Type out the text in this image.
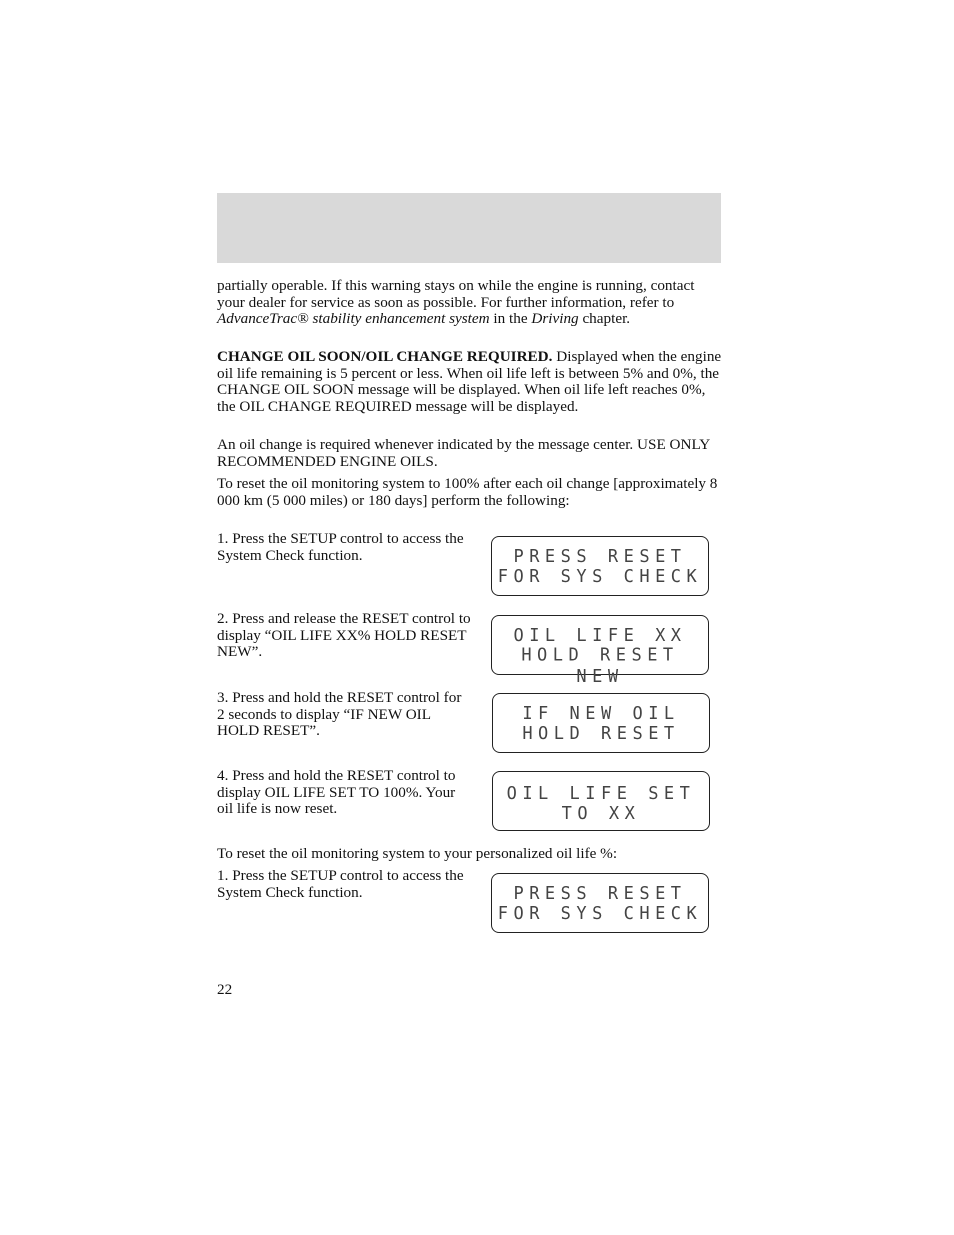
partially operable. If this warning stays on while the engine is running, contact your dealer for service as soon as possible. For further information, refer to AdvanceTrac® stability enhancement system in the Driving chapter.

CHANGE OIL SOON/OIL CHANGE REQUIRED. Displayed when the engine oil life remaining is 5 percent or less. When oil life left is between 5% and 0%, the CHANGE OIL SOON message will be displayed. When oil life left reaches 0%, the OIL CHANGE REQUIRED message will be displayed.

An oil change is required whenever indicated by the message center. USE ONLY RECOMMENDED ENGINE OILS.

To reset the oil monitoring system to 100% after each oil change [approximately 8 000 km (5 000 miles) or 180 days] perform the following:

1. Press the SETUP control to access the System Check function.	PRESS RESET
FOR SYS CHECK

2. Press and release the RESET control to display “OIL LIFE XX% HOLD RESET NEW”.

OIL LIFE XX
HOLD RESET NEW

3. Press and hold the RESET control for 2 seconds to display “IF NEW OIL HOLD RESET”.

IF NEW OIL
HOLD RESET

4. Press and hold the RESET control to display OIL LIFE SET TO 100%. Your oil life is now reset.

OIL LIFE SET
TO XX

To reset the oil monitoring system to your personalized oil life %:

1. Press the SETUP control to access the System Check function.	PRESS RESET
FOR SYS CHECK
22
